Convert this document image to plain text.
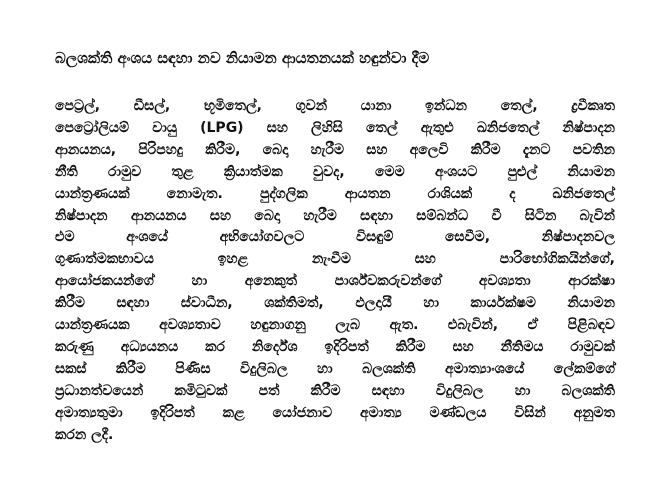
බලශක්ති අංශය සඳහා නව නියාමන ආයතනයක් හඳුන්වා දීම
පෙට්‍රල්, ඩීසල්, භූමිතෙල්, ගුවන් යානා ඉන්ධන තෙල්, ද්‍රවීකෘත
පෙට්‍රෝලියම් වායු (LPG) සහ ලිහිසි තෙල් ඇතුළු ඛනිජතෙල් නිෂ්පාදන
ආනයනය, පිරිපහදු කිරීම, බෙදා හැරීම සහ අලෙවි කිරීම දැනට පවතින
නීති රාමුව තුළ ක්‍රියාත්මක වුවද, මෙම අංශයට පුළුල් නියාමන
යාන්ත්‍රණයක් නොමැත. පුද්ගලික ආයතන රාශියක් ද ඛනිජතෙල්
නිෂ්පාදන ආනයනය සහ බෙදා හැරීම සඳහා සම්බන්ධ වී සිටින බැවින්
එම අංශයේ අභියෝගවලට විසඳුම් සෙවීම, නිෂ්පාදනවල
ගුණාත්මකභාවය ඉහළ නැංවීම සහ පාරිභෝගිකයින්ගේ,
ආයෝජකයන්ගේ හා අනෙකුත් පාර්ශ්වකරුවන්ගේ අවශ්‍යතා ආරක්ෂා
කිරීම සඳහා ස්වාධීන, ශක්තිමත්, ඵලදායී හා කාර්යක්ෂම නියාමන
යාන්ත්‍රණයක අවශ්‍යතාව හඳුනාගනු ලැබ ඇත. එබැවින්, ඒ පිළිබඳව
කරුණු අධ්‍යයනය කර නිර්දේශ ඉදිරිපත් කිරීම සහ නීතිමය රාමුවක්
සකස් කිරීම පිණිස විදුලිබල හා බලශක්ති අමාත්‍යාංශයේ ලේකම්ගේ
ප්‍රධානත්වයෙන් කමිටුවක් පත් කිරීම සඳහා විදුලිබල හා බලශක්ති
අමාත්‍යතුමා ඉදිරිපත් කළ යෝජනාව අමාත්‍ය මණ්ඩලය විසින් අනුමත
කරන ලදී.
